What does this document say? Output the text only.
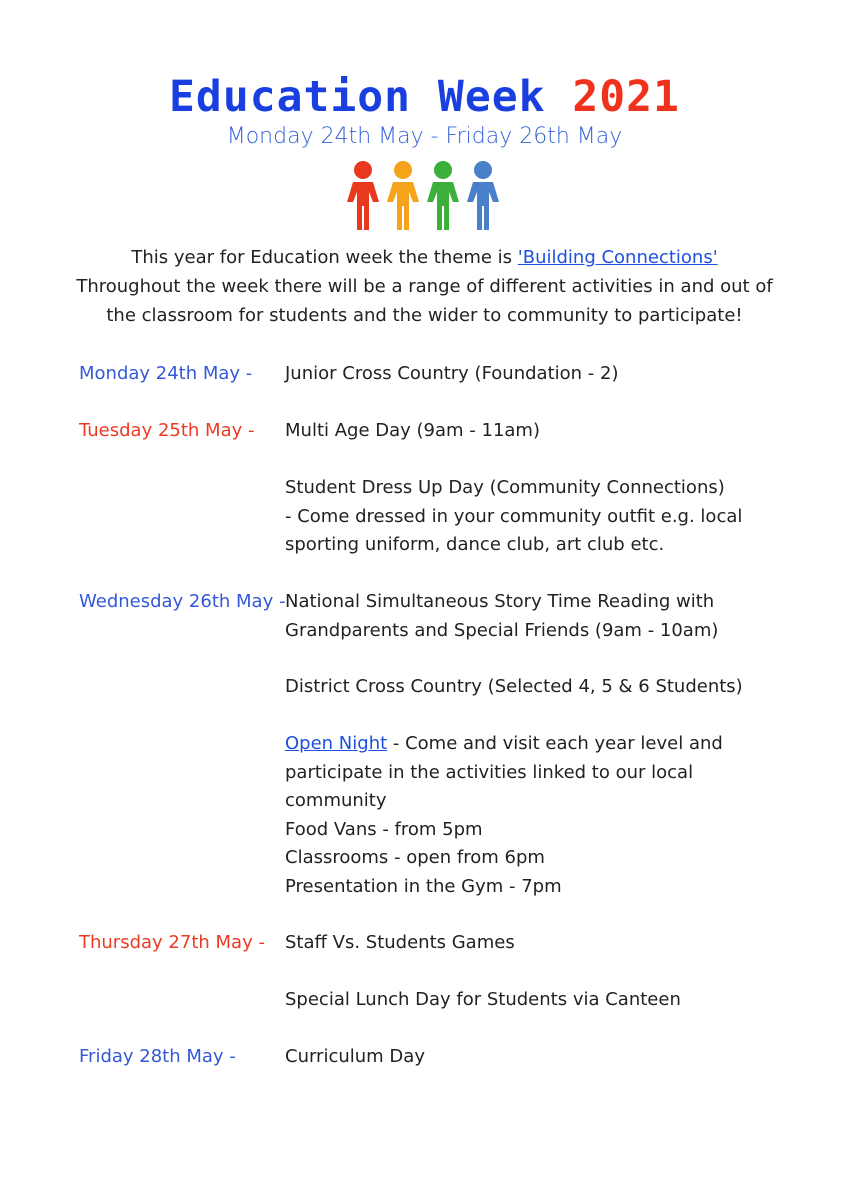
Education Week 2021
Monday 24th May - Friday 26th May
This year for Education week the theme is 'Building Connections'
Throughout the week there will be a range of different activities in and out of the classroom for students and the wider to community to participate!
Monday 24th May - Junior Cross Country (Foundation - 2)
Tuesday 25th May - Multi Age Day (9am - 11am)
Student Dress Up Day (Community Connections)
- Come dressed in your community outfit e.g. local
sporting uniform, dance club, art club etc.
Wednesday 26th May - National Simultaneous Story Time Reading with
Grandparents and Special Friends (9am - 10am)
District Cross Country (Selected 4, 5 & 6 Students)
Open Night - Come and visit each year level and
participate in the activities linked to our local
community
Food Vans - from 5pm
Classrooms - open from 6pm
Presentation in the Gym - 7pm
Thursday 27th May - Staff Vs. Students Games
Special Lunch Day for Students via Canteen
Friday 28th May -	Curriculum Day
